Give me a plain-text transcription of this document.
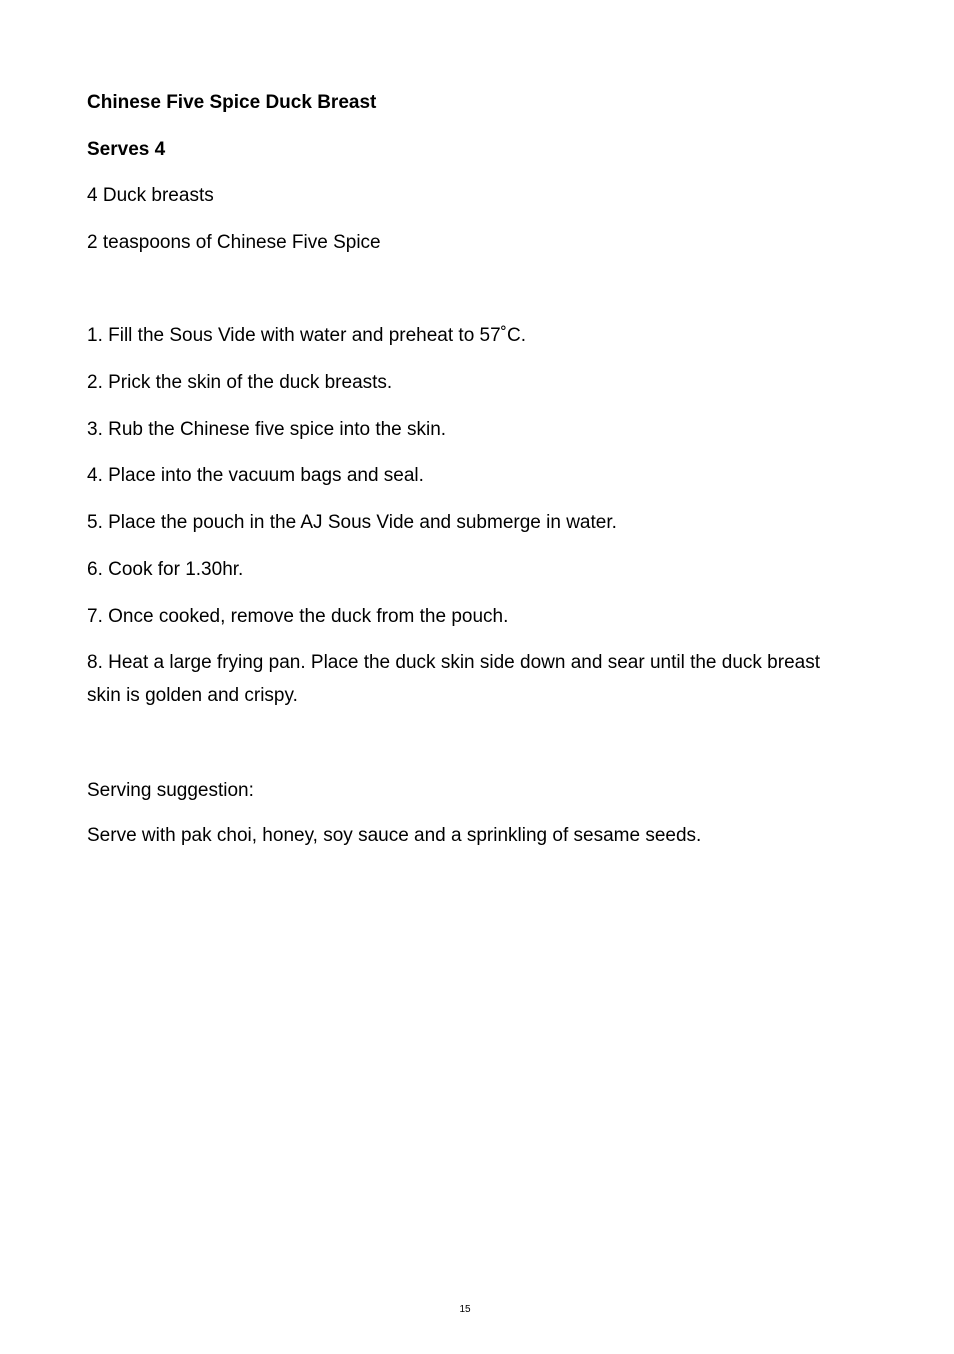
Chinese Five Spice Duck Breast
Serves 4
4 Duck breasts
2 teaspoons of Chinese Five Spice
1. Fill the Sous Vide with water and preheat to 57˚C.
2. Prick the skin of the duck breasts.
3. Rub the Chinese five spice into the skin.
4. Place into the vacuum bags and seal.
5. Place the pouch in the AJ Sous Vide and submerge in water.
6. Cook for 1.30hr.
7. Once cooked, remove the duck from the pouch.
8. Heat a large frying pan. Place the duck skin side down and sear until the duck breast skin is golden and crispy.
Serving suggestion:
Serve with pak choi, honey, soy sauce and a sprinkling of sesame seeds.
15
